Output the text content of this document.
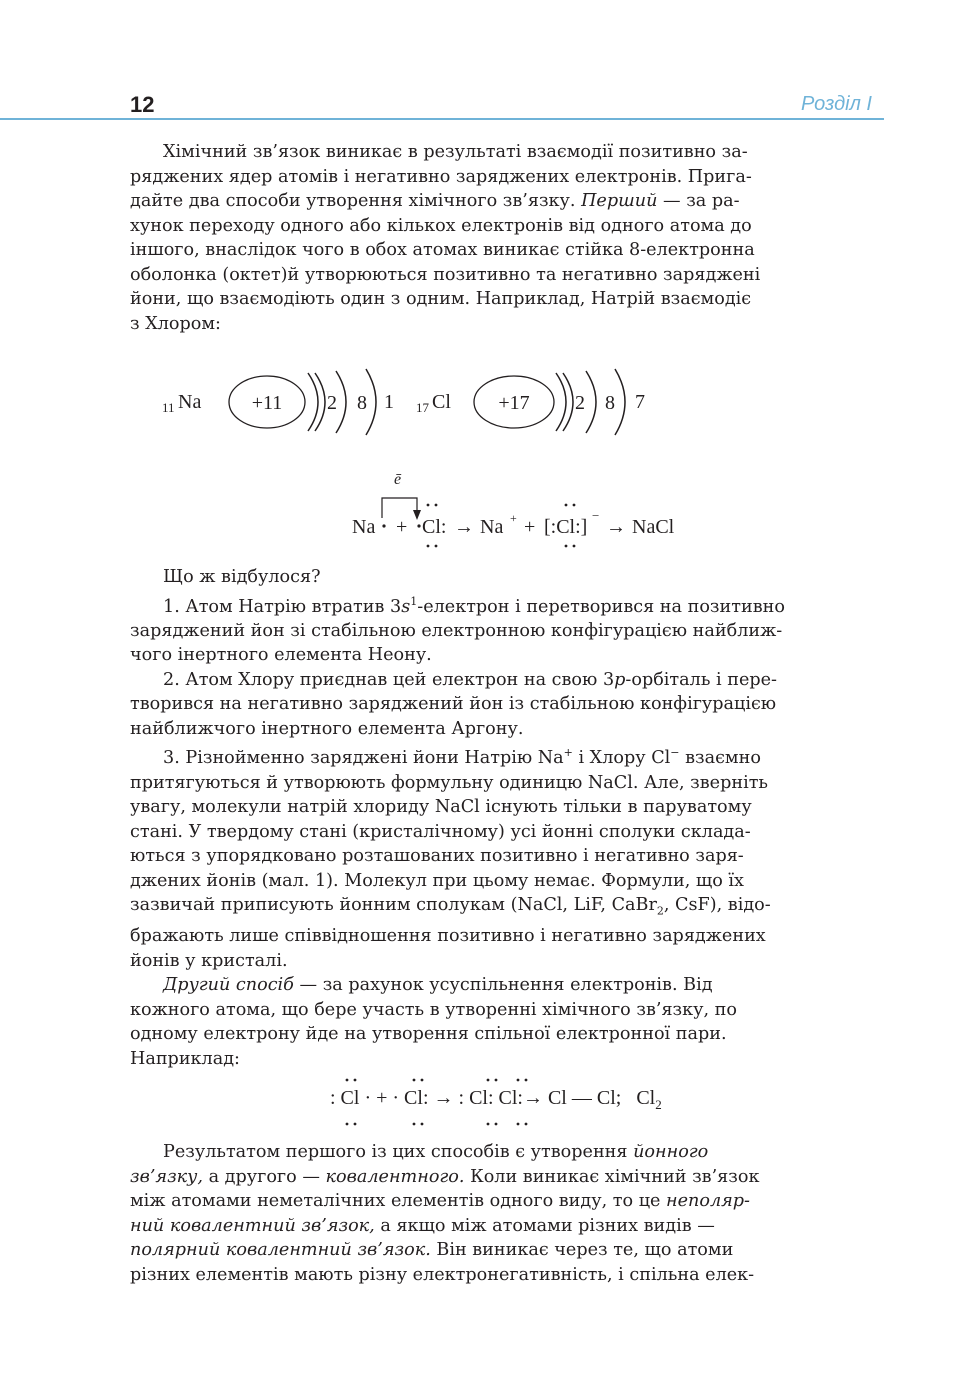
12	Розділ I

Хімічний зв’язок виникає в результаті взаємодії позитивно за-

ряджених ядер атомів і негативно заряджених електронів. Прига-

дайте два способи утворення хімічного зв’язку. Перший — за ра-

хунок переходу одного або кількох електронів від одного атома до

іншого, внаслідок чого в обох атомах виникає стійка 8-електронна

оболонка (октет)й утворюються позитивно та негативно заряджені

йони, що взаємодіють один з одним. Наприклад, Натрій взаємодіє

з Хлором:

11 Na	+11 2 8 1 17 Cl +17 2 8 7
ē
Na + Cl: → Na + + [:Cl:]
−
→ NaCl

Що ж відбулося?

1. Атом Натрію втратив $3s^1$-електрон і перетворився на позитивно

заряджений йон зі стабільною електронною конфігурацією найближ-

чого інертного елемента Неону.

2. Атом Хлору приєднав цей електрон на свою 3p-орбіталь і пере-

творився на негативно заряджений йон із стабільною конфігурацією

найближчого інертного елемента Аргону.

3. Різнойменно заряджені йони Натрію Na+ і Хлору Cl− взаємно

притягуються й утворюють формульну одиницю NaCl. Але, зверніть

увагу, молекули натрій хлориду NaCl існують тільки в паруватому

стані. У твердому стані (кристалічному) усі йонні сполуки склада-

ються з упорядковано розташованих позитивно і негативно заря-

джених йонів (мал. 1). Молекул при цьому немає. Формули, що їх

зазвичай приписують йонним сполукам (NaCl, LiF, CaBr$_2$, CsF), відо-

бражають лише співвідношення позитивно і негативно заряджених

йонів у кристалі.

Другий спосіб — за рахунок усуспільнення електронів. Від

кожного атома, що бере участь в утворенні хімічного зв’язку, по

одному електрону йде на утворення спільної електронної пари.

Наприклад:

: Cl · + · Cl: → : Cl: Cl:→ Cl — Cl; $Cl_2$

Результатом першого із цих способів є утворення йонного

зв’язку, а другого — ковалентного. Коли виникає хімічний зв’язок

між атомами неметалічних елементів одного виду, то це неполяр-

ний ковалентний зв’язок, а якщо між атомами різних видів —

полярний ковалентний зв’язок. Він виникає через те, що атоми

різних елементів мають різну електронегативність, і спільна елек-
